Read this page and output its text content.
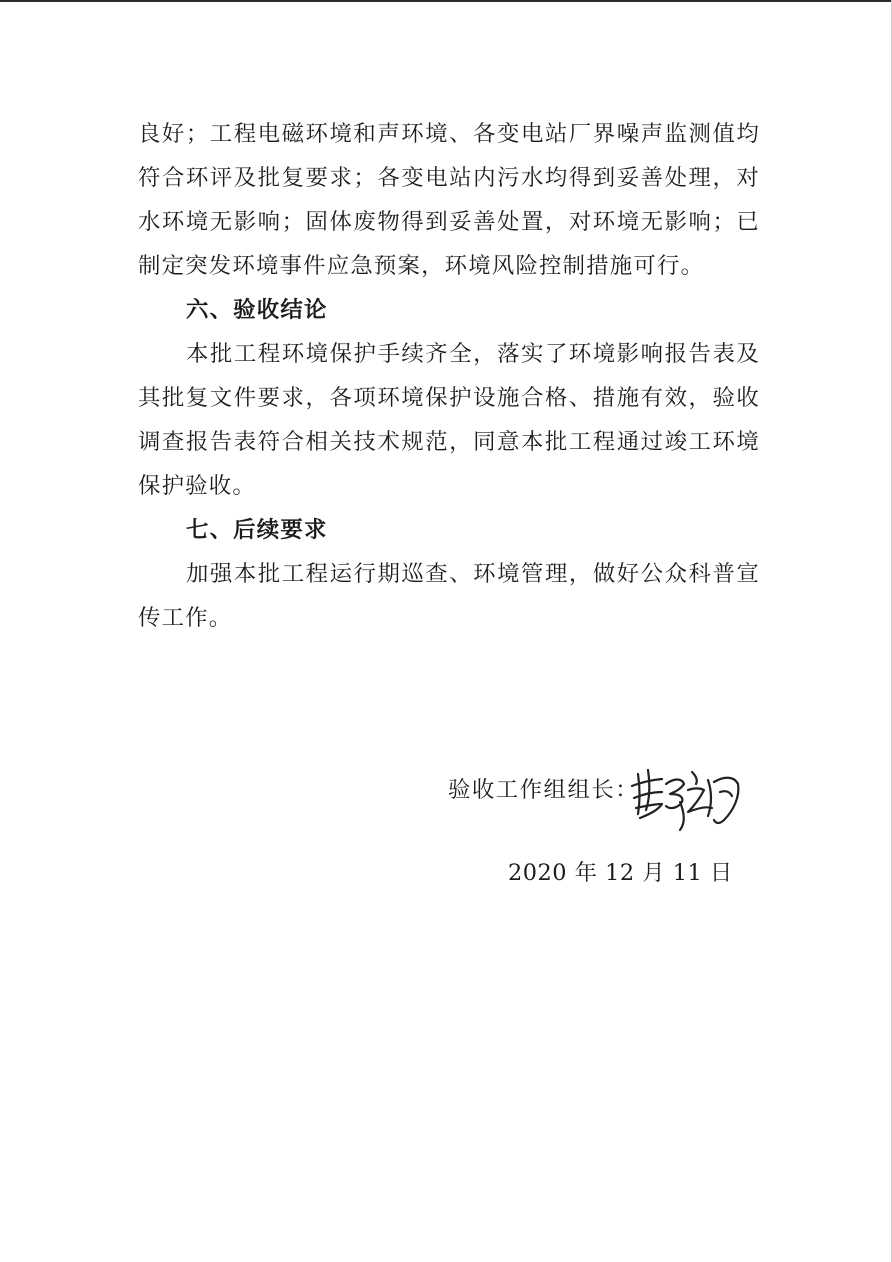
良好；工程电磁环境和声环境、各变电站厂界噪声监测值均符合环评及批复要求；各变电站内污水均得到妥善处理，对水环境无影响；固体废物得到妥善处置，对环境无影响；已制定突发环境事件应急预案，环境风险控制措施可行。

六、验收结论

本批工程环境保护手续齐全，落实了环境影响报告表及其批复文件要求，各项环境保护设施合格、措施有效，验收调查报告表符合相关技术规范，同意本批工程通过竣工环境保护验收。

七、后续要求

加强本批工程运行期巡查、环境管理，做好公众科普宣传工作。

验收工作组组长：
2020 年 12 月 11 日
